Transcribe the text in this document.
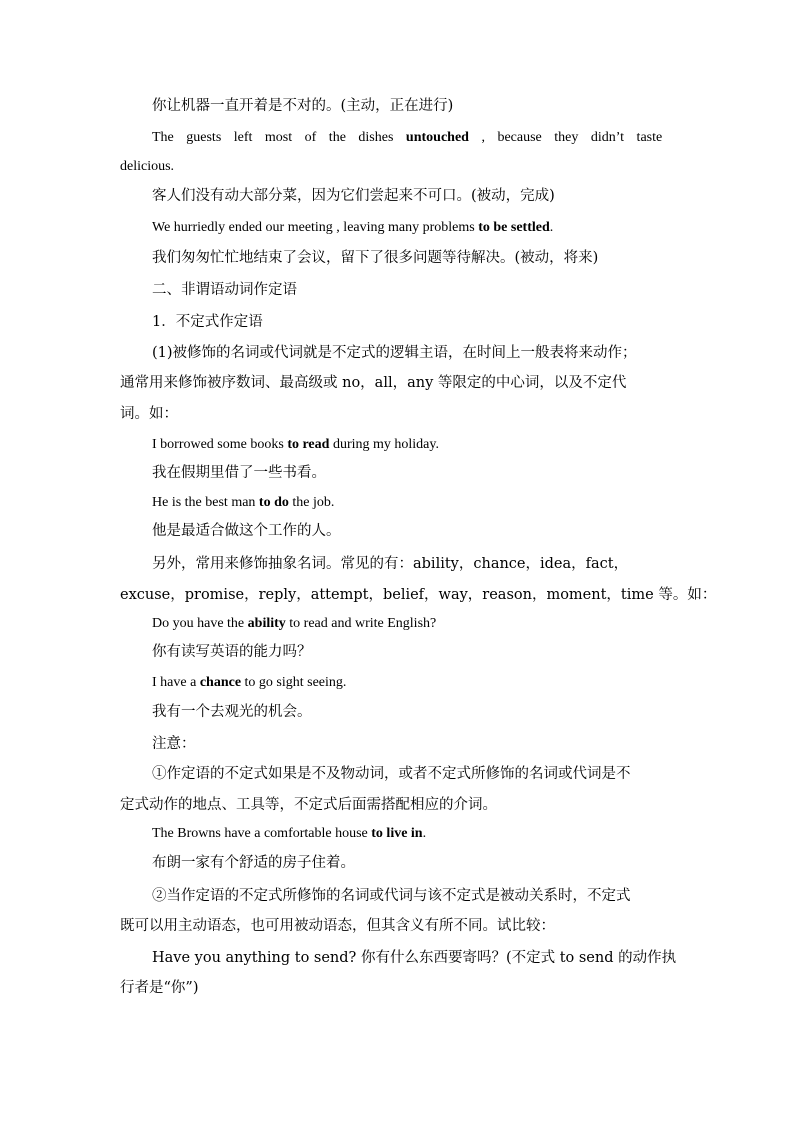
你让机器一直开着是不对的。(主动，正在进行)
The guests left most of the dishes untouched , because they didn’t taste
delicious.
客人们没有动大部分菜，因为它们尝起来不可口。(被动，完成)
We hurriedly ended our meeting , leaving many problems to be settled.
我们匆匆忙忙地结束了会议，留下了很多问题等待解决。(被动，将来)
二、非谓语动词作定语
1．不定式作定语
(1)被修饰的名词或代词就是不定式的逻辑主语，在时间上一般表将来动作；
通常用来修饰被序数词、最高级或 no，all，any 等限定的中心词，以及不定代
词。如：
I borrowed some books to read during my holiday.
我在假期里借了一些书看。
He is the best man to do the job.
他是最适合做这个工作的人。
另外，常用来修饰抽象名词。常见的有：ability，chance，idea，fact，
excuse，promise，reply，attempt，belief，way，reason，moment，time 等。如：
Do you have the ability to read and write English?
你有读写英语的能力吗？
I have a chance to go sight seeing.
我有一个去观光的机会。
注意：
①作定语的不定式如果是不及物动词，或者不定式所修饰的名词或代词是不
定式动作的地点、工具等，不定式后面需搭配相应的介词。
The Browns have a comfortable house to live in.
布朗一家有个舒适的房子住着。
②当作定语的不定式所修饰的名词或代词与该不定式是被动关系时，不定式
既可以用主动语态，也可用被动语态，但其含义有所不同。试比较：
Have you anything to send? 你有什么东西要寄吗？(不定式 to send 的动作执
行者是“你”)
